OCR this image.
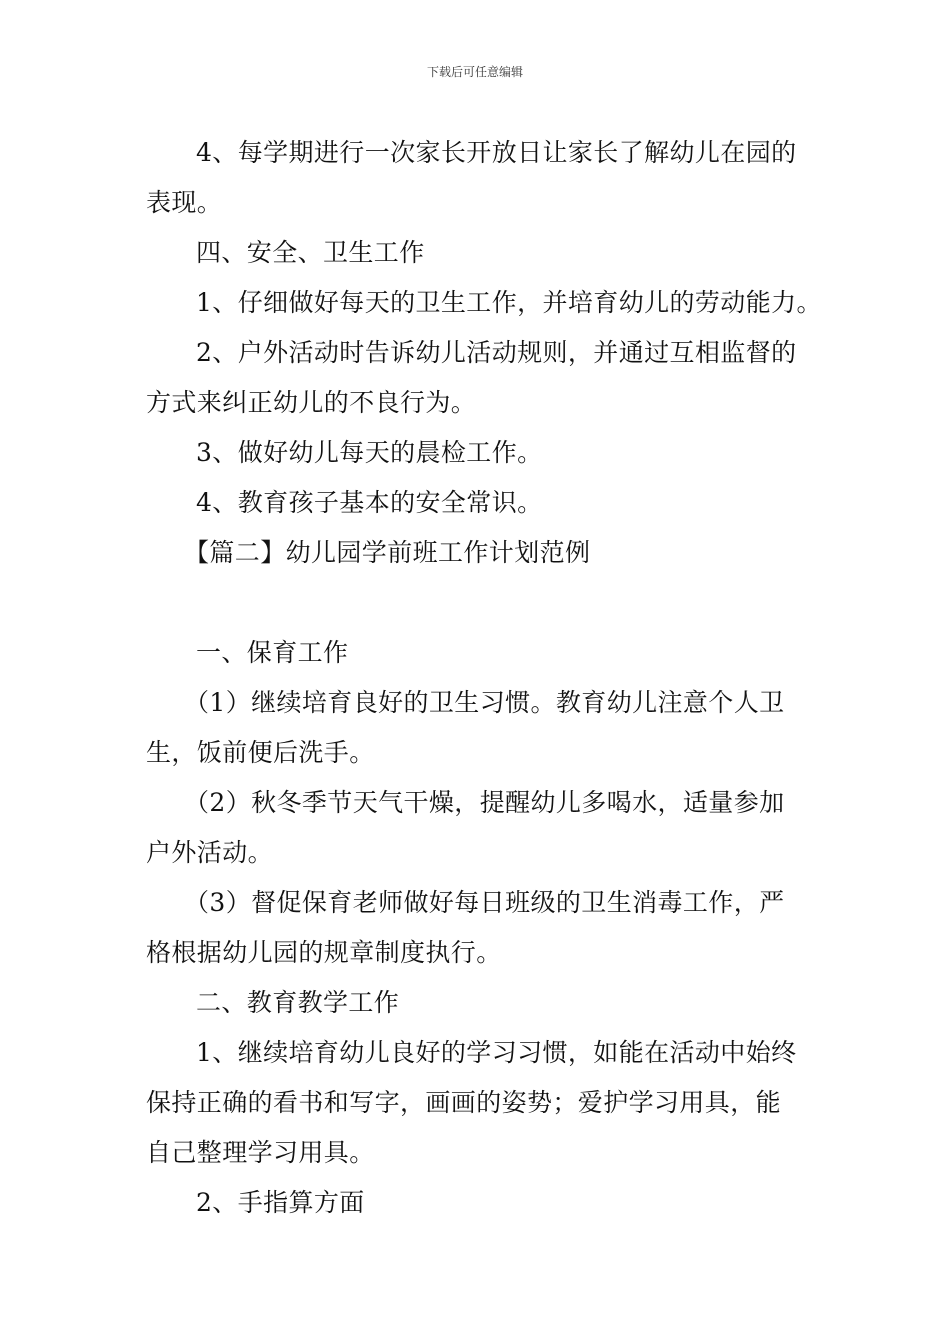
下载后可任意编辑
4、每学期进行一次家长开放日让家长了解幼儿在园的
表现。
四、安全、卫生工作
1、仔细做好每天的卫生工作，并培育幼儿的劳动能力。
2、户外活动时告诉幼儿活动规则，并通过互相监督的
方式来纠正幼儿的不良行为。
3、做好幼儿每天的晨检工作。
4、教育孩子基本的安全常识。
【篇二】幼儿园学前班工作计划范例
一、保育工作
（1）继续培育良好的卫生习惯。教育幼儿注意个人卫
生，饭前便后洗手。
（2）秋冬季节天气干燥，提醒幼儿多喝水，适量参加
户外活动。
（3）督促保育老师做好每日班级的卫生消毒工作，严
格根据幼儿园的规章制度执行。
二、教育教学工作
1、继续培育幼儿良好的学习习惯，如能在活动中始终
保持正确的看书和写字，画画的姿势；爱护学习用具，能
自己整理学习用具。
2、手指算方面
